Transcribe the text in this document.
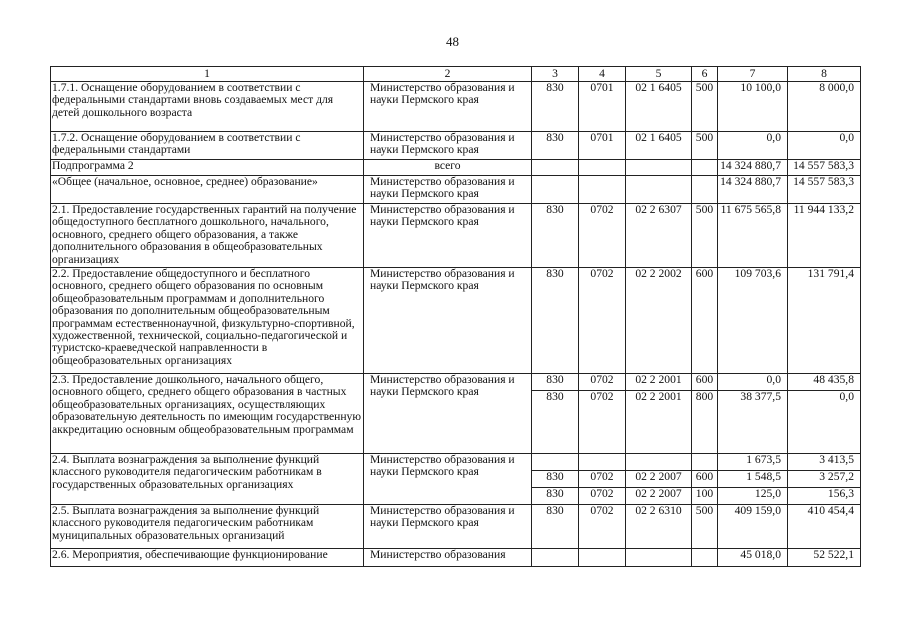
48
1	2	3	4	5	6	7	8
1.7.1. Оснащение оборудованием в соответствии с федеральными стандартами вновь создаваемых мест для детей дошкольного возраста	Министерство образования и науки Пермского края	830	0701	02 1 6405	500	10 100,0	8 000,0
1.7.2. Оснащение оборудованием в соответствии с федеральными стандартами	Министерство образования и науки Пермского края	830	0701	02 1 6405	500	0,0	0,0
Подпрограмма 2	всего					14 324 880,7	14 557 583,3
«Общее (начальное, основное, среднее) образование»	Министерство образования и науки Пермского края					14 324 880,7	14 557 583,3
2.1. Предоставление государственных гарантий на получение общедоступного бесплатного дошкольного, начального, основного, среднего общего образования, а также дополнительного образования в общеобразовательных организациях	Министерство образования и науки Пермского края	830	0702	02 2 6307	500	11 675 565,8	11 944 133,2
2.2. Предоставление общедоступного и бесплатного основного, среднего общего образования по основным общеобразовательным программам и дополнительного образования по дополнительным общеобразовательным программам естественнонаучной, физкультурно-спортивной, художественной, технической, социально-педагогической и туристско-краеведческой направленности в общеобразовательных организациях	Министерство образования и науки Пермского края	830	0702	02 2 2002	600	109 703,6	131 791,4
2.3. Предоставление дошкольного, начального общего, основного общего, среднего общего образования в частных общеобразовательных организациях, осуществляющих образовательную деятельность по имеющим государственную аккредитацию основным общеобразовательным программам	Министерство образования и науки Пермского края	830	0702	02 2 2001	600	0,0	48 435,8
		830	0702	02 2 2001	800	38 377,5	0,0
2.4. Выплата вознаграждения за выполнение функций классного руководителя педагогическим работникам в государственных образовательных организациях	Министерство образования и науки Пермского края					1 673,5	3 413,5
		830	0702	02 2 2007	600	1 548,5	3 257,2
		830	0702	02 2 2007	100	125,0	156,3
2.5. Выплата вознаграждения за выполнение функций классного руководителя педагогическим работникам муниципальных образовательных организаций	Министерство образования и науки Пермского края	830	0702	02 2 6310	500	409 159,0	410 454,4
2.6. Мероприятия, обеспечивающие функционирование	Министерство образования					45 018,0	52 522,1
